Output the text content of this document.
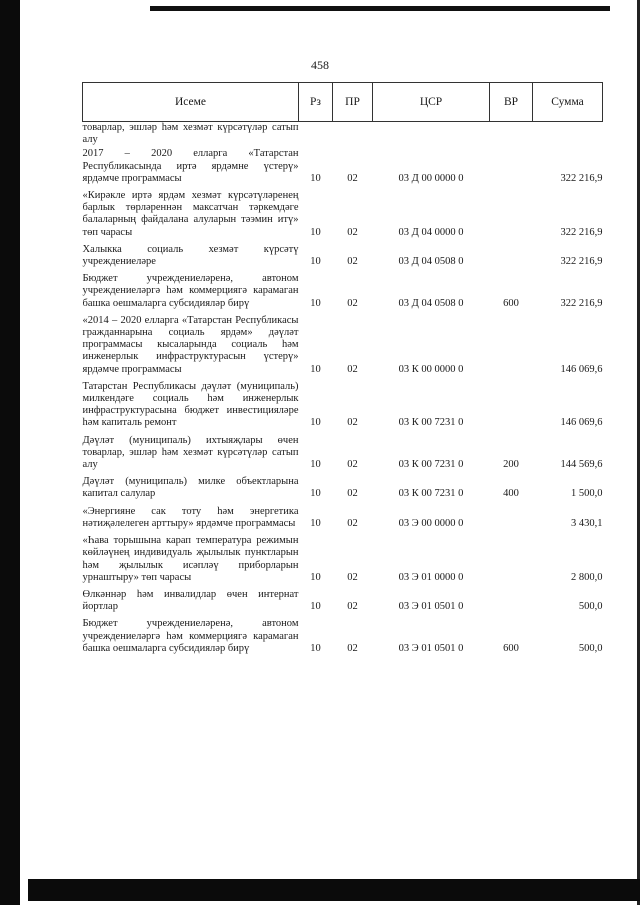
458
Исеме	Рз	ПР	ЦСР	ВР	Сумма
товарлар, эшләр һәм хезмәт күрсәтүләр сатып алу					
2017 – 2020 елларга «Татарстан Республикасында иртә ярдәмне үстерү» ярдәмче программасы	10	02	03 Д 00 0000 0		322 216,9
«Кирәкле иртә ярдәм хезмәт күрсәтүләренең барлык төрләреннән максатчан тәркемдәге балаларның файдалана алуларын тәэмин итү» төп чарасы	10	02	03 Д 04 0000 0		322 216,9
Халыкка социаль хезмәт күрсәтү учреждениеләре	10	02	03 Д 04 0508 0		322 216,9
Бюджет учреждениеләренә, автоном учреждениеләргә һәм коммерциягә карамаган башка оешмаларга субсидияләр бирү	10	02	03 Д 04 0508 0	600	322 216,9
«2014 – 2020 елларга «Татарстан Республикасы гражданнарына социаль ярдәм» дәүләт программасы кысаларында социаль һәм инженерлык инфраструктурасын үстерү» ярдәмче программасы	10	02	03 К 00 0000 0		146 069,6
Татарстан Республикасы дәүләт (муниципаль) милкендәге социаль һәм инженерлык инфраструктурасына бюджет инвестицияләре һәм капиталь ремонт	10	02	03 К 00 7231 0		146 069,6
Дәүләт (муниципаль) ихтыяҗлары өчен товарлар, эшләр һәм хезмәт күрсәтүләр сатып алу	10	02	03 К 00 7231 0	200	144 569,6
Дәүләт (муниципаль) милке объектларына капитал салулар	10	02	03 К 00 7231 0	400	1 500,0
«Энергияне сак тоту һәм энергетика нәтиҗәлелеген арттыру» ярдәмче программасы	10	02	03 Э 00 0000 0		3 430,1
«Һава торышына карап температура режимын көйләүнең индивидуаль җылылык пунктларын һәм җылылык исәпләү приборларын урнаштыру» төп чарасы	10	02	03 Э 01 0000 0		2 800,0
Өлкәннәр һәм инвалидлар өчен интернат йортлар	10	02	03 Э 01 0501 0		500,0
Бюджет учреждениеләренә, автоном учреждениеләргә һәм коммерциягә карамаган башка оешмаларга субсидияләр бирү	10	02	03 Э 01 0501 0	600	500,0
